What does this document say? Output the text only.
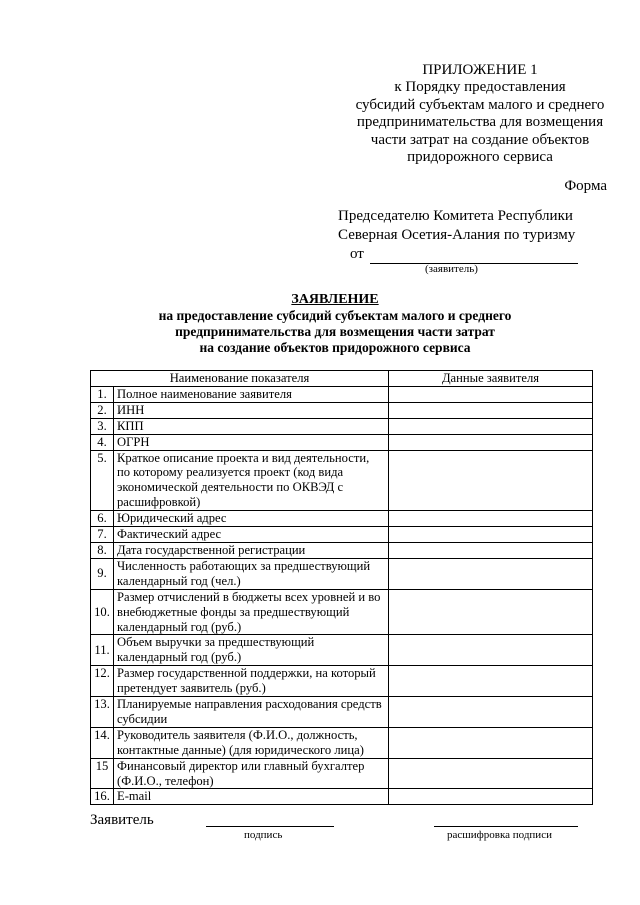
ПРИЛОЖЕНИЕ 1
к Порядку предоставления
субсидий субъектам малого и среднего
предпринимательства для возмещения
части затрат на создание объектов
придорожного сервиса
Форма
Председателю Комитета Республики
Северная Осетия-Алания по туризму
от
(заявитель)
ЗАЯВЛЕНИЕ
на предоставление субсидий субъектам малого и среднего
предпринимательства для возмещения части затрат
на создание объектов придорожного сервиса
Наименование показателя		Данные заявителя
1.	Полное наименование заявителя	
2.	ИНН	
3.	КПП	
4.	ОГРН	
5.	Краткое описание проекта и вид деятельности, по которому реализуется проект (код вида экономической деятельности по ОКВЭД с расшифровкой)	
6.	Юридический адрес	
7.	Фактический адрес	
8.	Дата государственной регистрации	
9.	Численность работающих за предшествующий календарный год (чел.)	
10.	Размер отчислений в бюджеты всех уровней и во внебюджетные фонды за предшествующий календарный год (руб.)	
11.	Объем выручки за предшествующий календарный год (руб.)	
12.	Размер государственной поддержки, на который претендует заявитель (руб.)	
13.	Планируемые направления расходования средств субсидии	
14.	Руководитель заявителя (Ф.И.О., должность, контактные данные) (для юридического лица)	
15	Финансовый директор или главный бухгалтер (Ф.И.О., телефон)	
16.	E-mail	
Заявитель
подпись	расшифровка подписи
